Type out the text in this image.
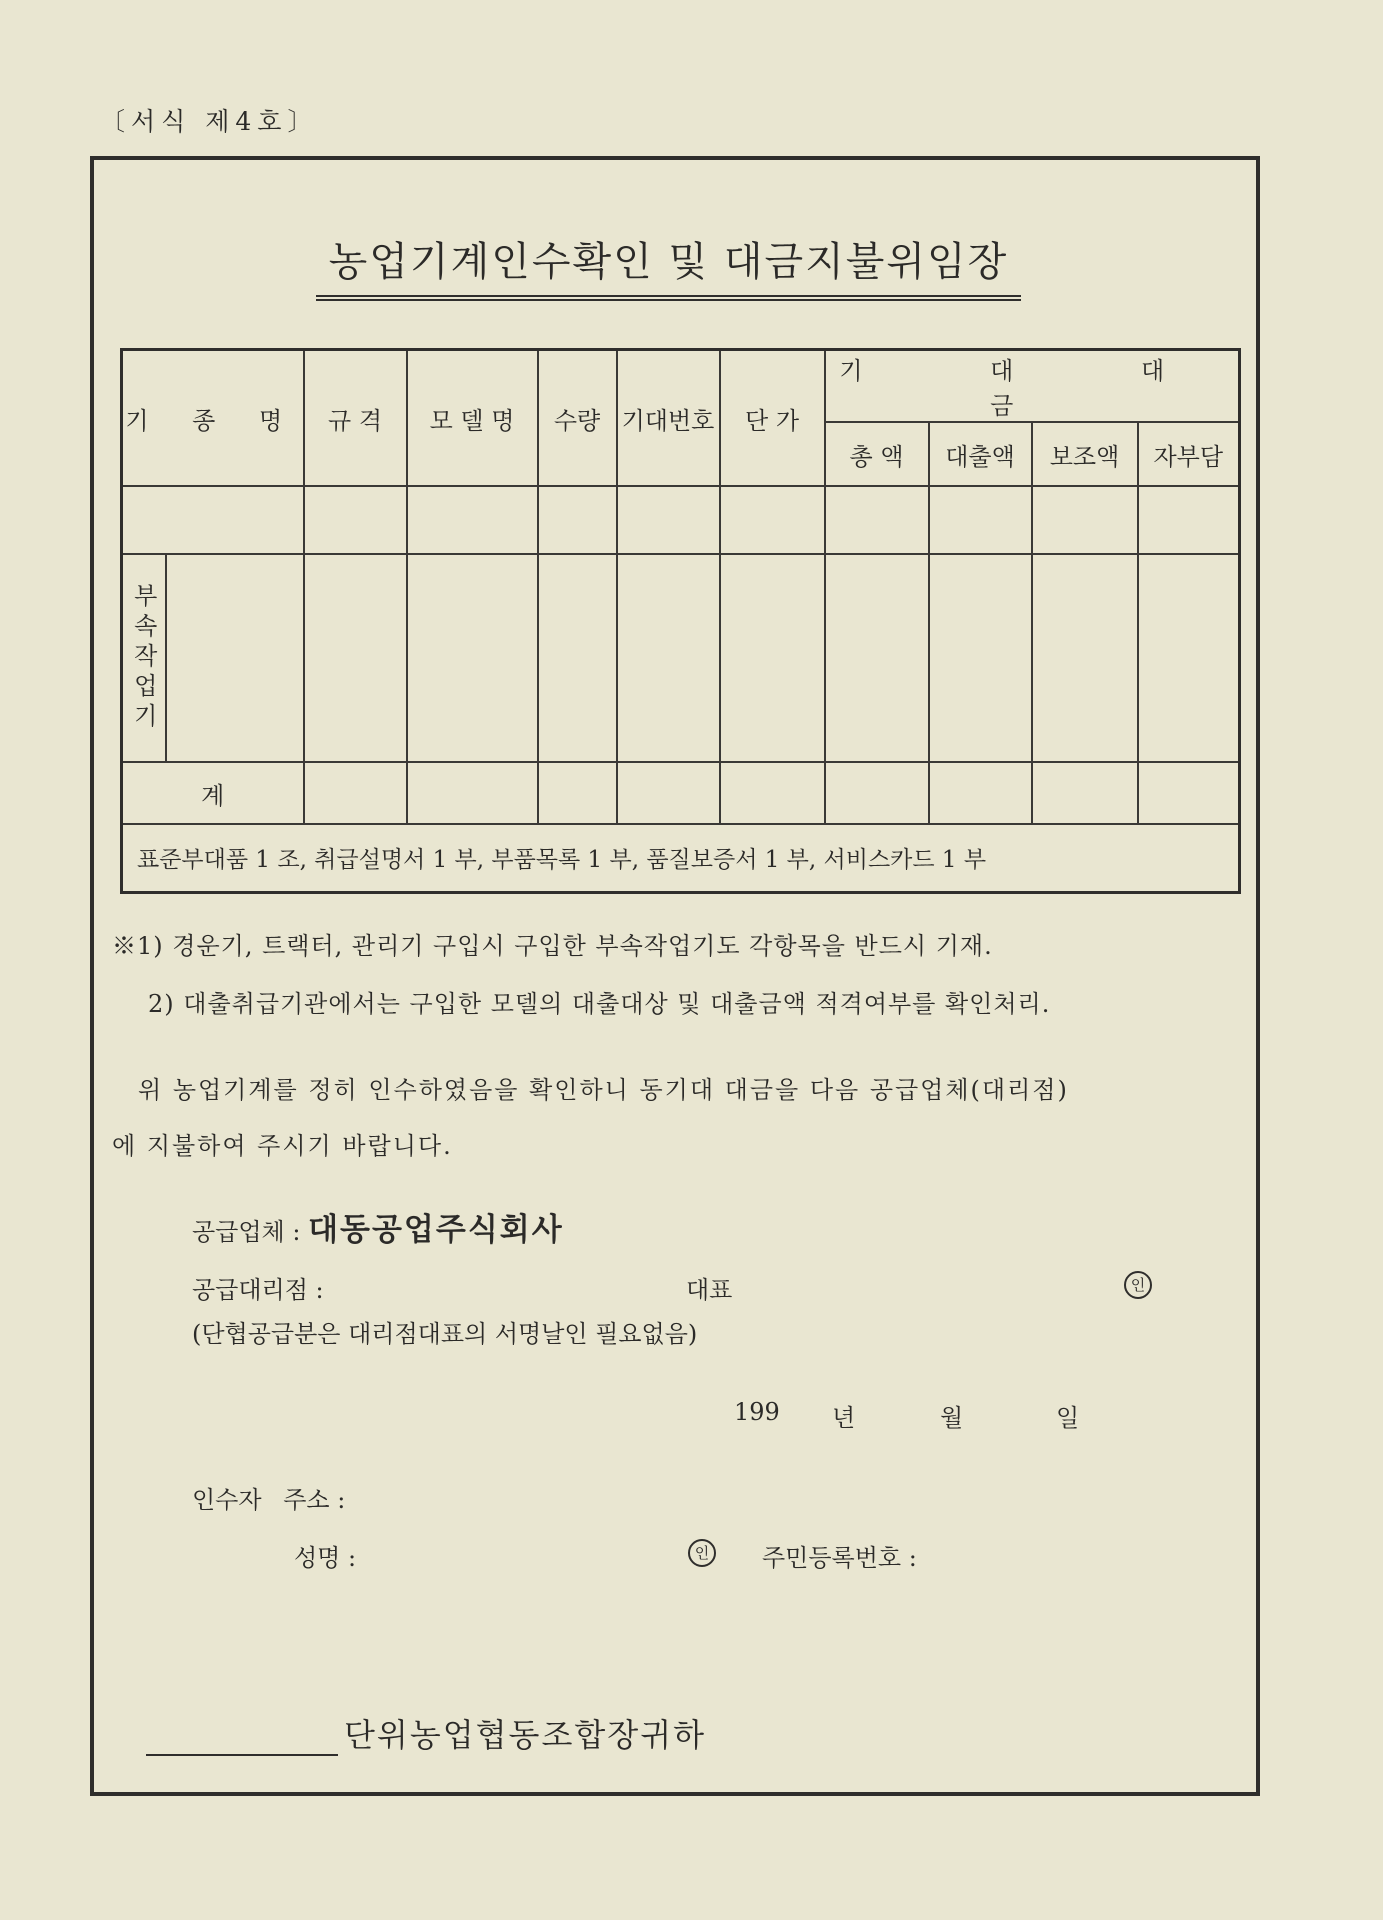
〔서식 제4호〕
농업기계인수확인 및 대금지불위임장
기 종 명		규 격	모 델 명	수량	기대번호	단 가	기 대 대 금			
							총 액	대출액	보조액	자부담

부속작업기										
계										
표준부대품 1 조, 취급설명서 1 부, 부품목록 1 부, 품질보증서 1 부, 서비스카드 1 부										
※1) 경운기, 트랙터, 관리기 구입시 구입한 부속작업기도 각항목을 반드시 기재.
2) 대출취급기관에서는 구입한 모델의 대출대상 및 대출금액 적격여부를 확인처리.
위 농업기계를 정히 인수하였음을 확인하니 동기대 대금을 다음 공급업체(대리점)
에 지불하여 주시기 바랍니다.
공급업체 : 대동공업주식회사
공급대리점 :	대표	인
(단협공급분은 대리점대표의 서명날인 필요없음)
199 년	월	일
인수자 주소 :
성명 :	인 주민등록번호 :
단위농업협동조합장귀하
